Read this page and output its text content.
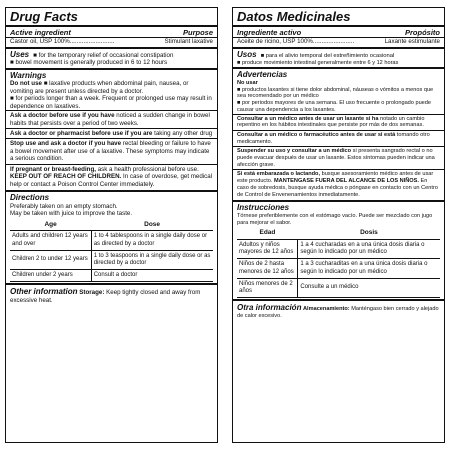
Drug Facts
Active ingredient	Purpose
Castor oil, USP 100%..........................	Stimulant laxative
Uses ■ for the temporary relief of occasional constipation
■ bowel movement is generally produced in 6 to 12 hours
Warnings
Do not use ■ laxative products when abdominal pain, nausea, or vomiting are present unless directed by a doctor.
■ for periods longer than a week. Frequent or prolonged use may result in dependence on laxatives.
Ask a doctor before use if you have noticed a sudden change in bowel habits that persists over a period of two weeks.
Ask a doctor or pharmacist before use if you are taking any other drug
Stop use and ask a doctor if you have rectal bleeding or failure to have a bowel movement after use of a laxative. These symptoms may indicate a serious condition.
If pregnant or breast-feeding, ask a health professional before use. KEEP OUT OF REACH OF CHILDREN. In case of overdose, get medical help or contact a Poison Control Center immediately.
Directions
Preferably taken on an empty stomach.
May be taken with juice to improve the taste.
Age	Dose
Adults and children 12 years and over	1 to 4 tablespoons in a single daily dose or as directed by a doctor
Children 2 to under 12 years	1 to 3 teaspoons in a single daily dose or as directed by a doctor
Children under 2 years	Consult a doctor
Other information Storage: Keep tightly closed and away from excessive heat.
Datos Medicinales
Ingrediente activo	Propósito
Aceite de ricino, USP 100%........................	Laxante estimulante
Usos ■ para el alivio temporal del estreñimiento ocasional
■ produce movimiento intestinal generalmente entre 6 y 12 horas
Advertencias
No usar
■ productos laxantes si tiene dolor abdominal, náuseas o vómitos a menos que sea recomendado por un médico
■ por periodos mayores de una semana. El uso frecuente o prolongado puede causar una dependencia a los laxantes.
Consultar a un médico antes de usar un laxante si ha notado un cambio repentino en los hábitos intestinales que persiste por más de dos semanas.
Consultar a un médico o farmacéutico antes de usar si está tomando otro medicamento.
Suspender su uso y consultar a un médico si presenta sangrado rectal o no puede evacuar después de usar un laxante. Estos síntomas pueden indicar una afección grave.
Si está embarazada o lactando, busque asesoramiento médico antes de usar este producto. MANTENGASE FUERA DEL ALCANCE DE LOS NIÑOS. En caso de sobredosis, busque ayuda médica o póngase en contacto con un Centro de Control de Envenenamientos inmediatamente.
Instrucciones
Tórnese preferiblemente con el estómago vacío. Puede ser mezclado con jugo para mejorar el sabor.
Edad	Dosis
Adultos y niños mayores de 12 años	1 a 4 cucharadas en a una única dosis diaria o según lo indicado por un médico
Niños de 2 hasta menores de 12 años	1 a 3 cucharaditas en a una única dosis diaria o según lo indicado por un médico
Niños menores de 2 años	Consulte a un médico
Otra información Almacenamiento: Manténgaso bien cerrado y alejado de calor excesivo.
